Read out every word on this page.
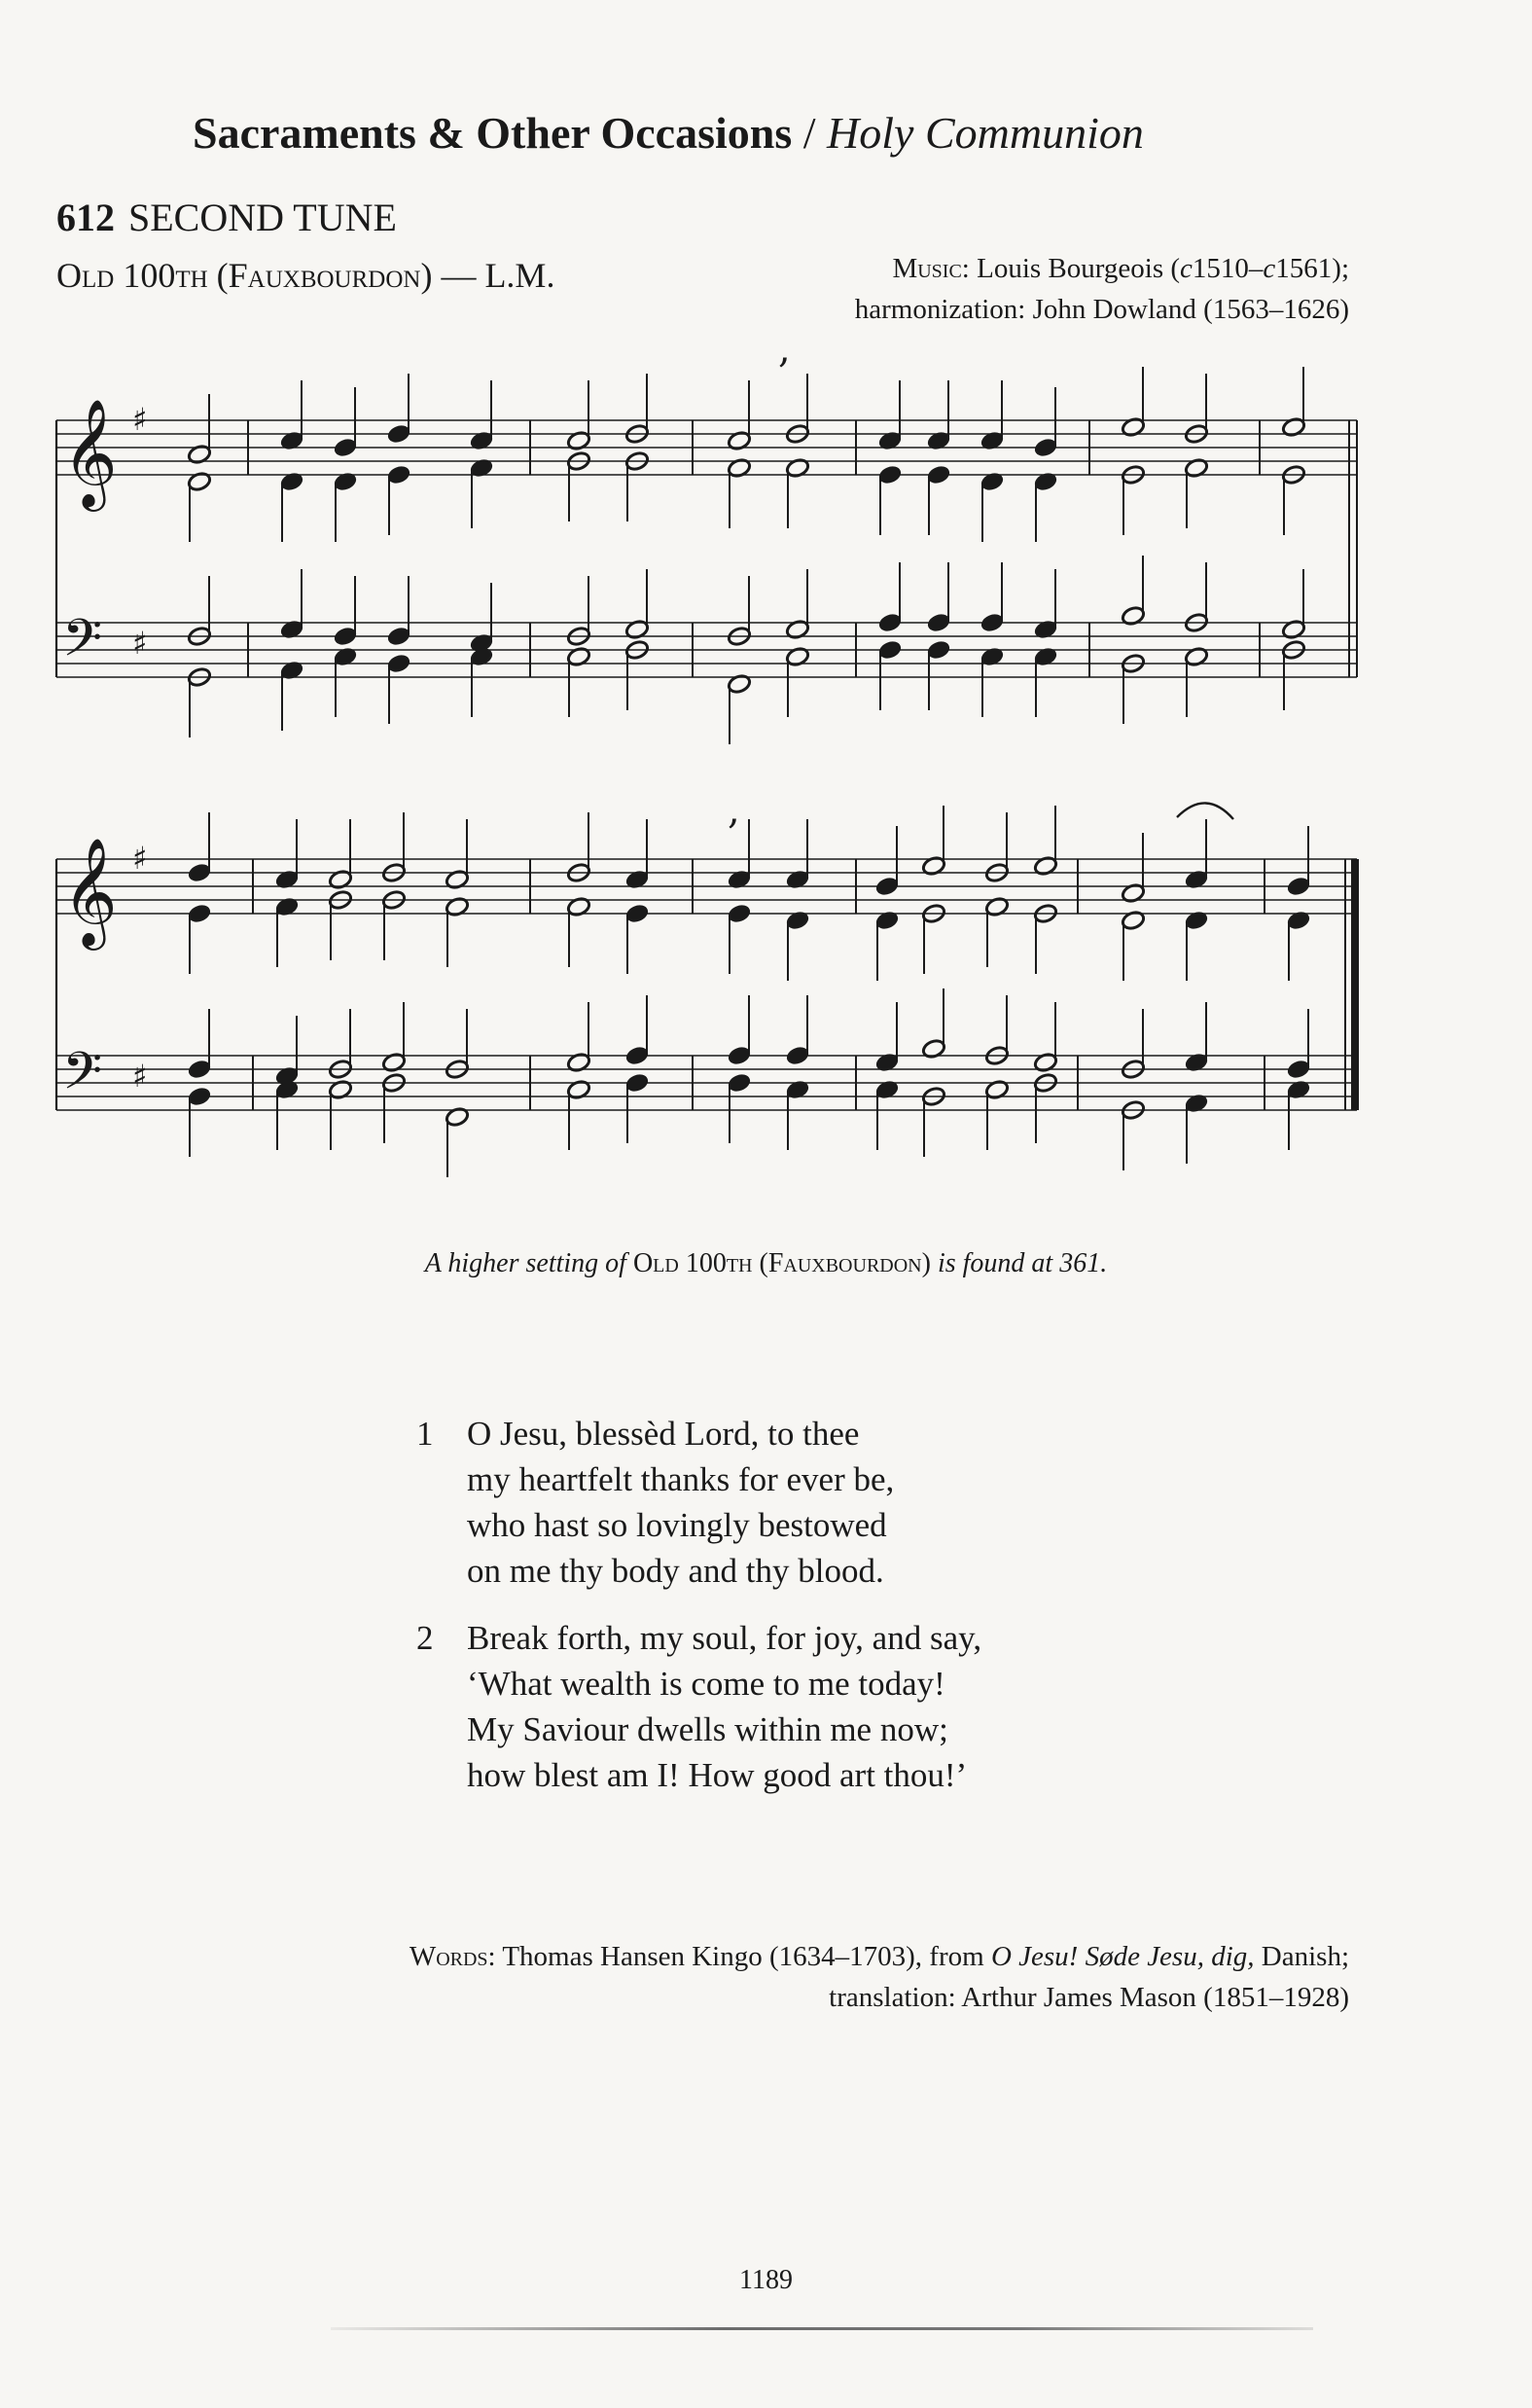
Sacraments & Other Occasions / Holy Communion
612 SECOND TUNE
Old 100th (Fauxbourdon) — L.M.	Music: Louis Bourgeois (c1510–c1561);
harmonization: John Dowland (1563–1626)
𝄞 ♯
𝄢 ♯
𝄞 ♯
𝄢 ♯
,
,
A higher setting of Old 100th (Fauxbourdon) is found at 361.
1 O Jesu, blessèd Lord, to thee
my heartfelt thanks for ever be,
who hast so lovingly bestowed
on me thy body and thy blood.
2 Break forth, my soul, for joy, and say,
‘What wealth is come to me today!
My Saviour dwells within me now;
how blest am I! How good art thou!’
Words: Thomas Hansen Kingo (1634–1703), from O Jesu! Søde Jesu, dig, Danish;
translation: Arthur James Mason (1851–1928)
1189
